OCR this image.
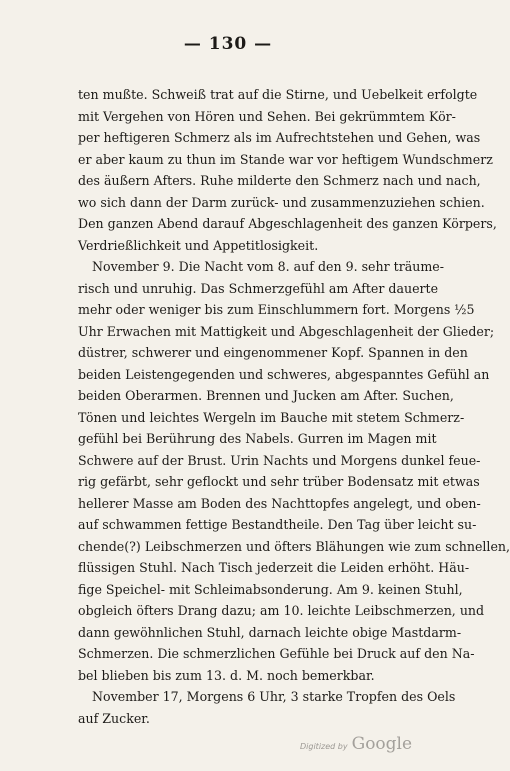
— 130 —
ten mußte. Schweiß trat auf die Stirne, und Uebelkeit erfolgte
mit Vergehen von Hören und Sehen. Bei gekrümmtem Kör-
per heftigeren Schmerz als im Aufrechtstehen und Gehen, was
er aber kaum zu thun im Stande war vor heftigem Wundschmerz
des äußern Afters. Ruhe milderte den Schmerz nach und nach,
wo sich dann der Darm zurück- und zusammenzuziehen schien.
Den ganzen Abend darauf Abgeschlagenheit des ganzen Körpers,
Verdrießlichkeit und Appetitlosigkeit.
November 9. Die Nacht vom 8. auf den 9. sehr träume-
risch und unruhig. Das Schmerzgefühl am After dauerte
mehr oder weniger bis zum Einschlummern fort. Morgens ½5
Uhr Erwachen mit Mattigkeit und Abgeschlagenheit der Glieder;
düstrer, schwerer und eingenommener Kopf. Spannen in den
beiden Leistengegenden und schweres, abgespanntes Gefühl an
beiden Oberarmen. Brennen und Jucken am After. Suchen,
Tönen und leichtes Wergeln im Bauche mit stetem Schmerz-
gefühl bei Berührung des Nabels. Gurren im Magen mit
Schwere auf der Brust. Urin Nachts und Morgens dunkel feue-
rig gefärbt, sehr geflockt und sehr trüber Bodensatz mit etwas
hellerer Masse am Boden des Nachttopfes angelegt, und oben-
auf schwammen fettige Bestandtheile. Den Tag über leicht su-
chende(?) Leibschmerzen und öfters Blähungen wie zum schnellen,
flüssigen Stuhl. Nach Tisch jederzeit die Leiden erhöht. Häu-
fige Speichel- mit Schleimabsonderung. Am 9. keinen Stuhl,
obgleich öfters Drang dazu; am 10. leichte Leibschmerzen, und
dann gewöhnlichen Stuhl, darnach leichte obige Mastdarm-
Schmerzen. Die schmerzlichen Gefühle bei Druck auf den Na-
bel blieben bis zum 13. d. M. noch bemerkbar.
November 17, Morgens 6 Uhr, 3 starke Tropfen des Oels
auf Zucker.
Digitized by Google
